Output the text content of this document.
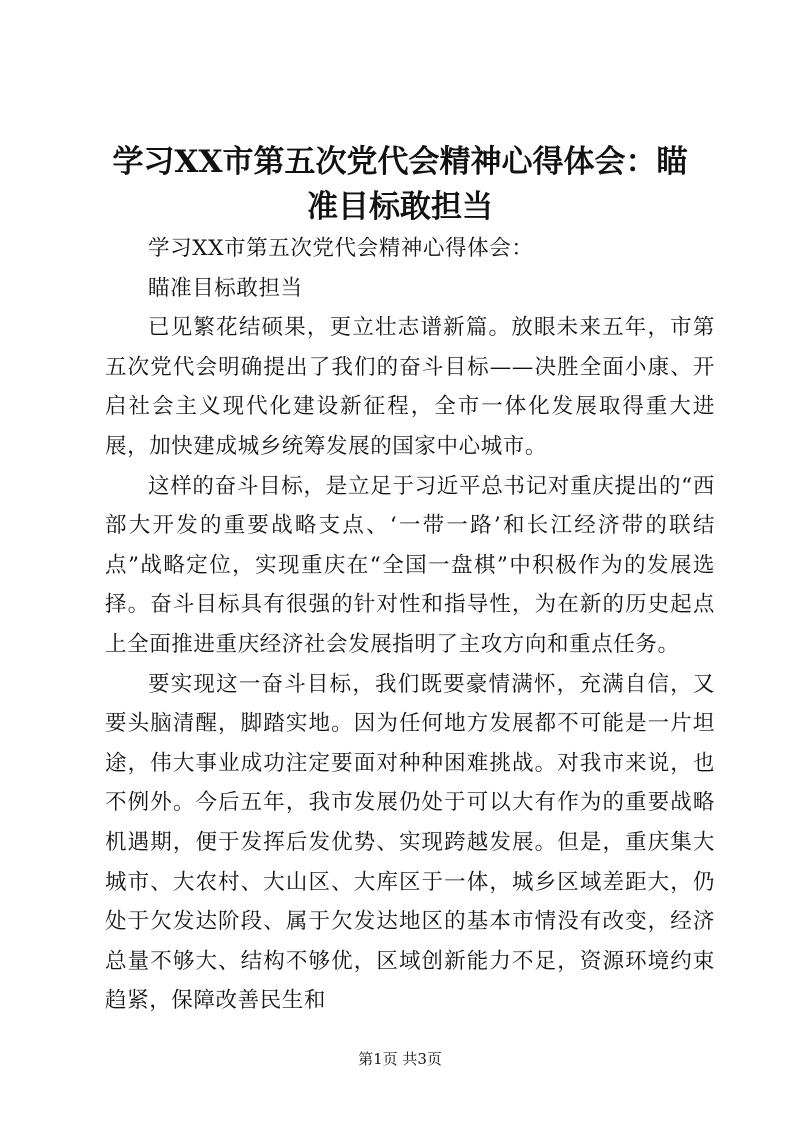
学习XX市第五次党代会精神心得体会：瞄准目标敢担当

学习XX市第五次党代会精神心得体会：

瞄准目标敢担当

已见繁花结硕果，更立壮志谱新篇。放眼未来五年，市第五次党代会明确提出了我们的奋斗目标——决胜全面小康、开启社会主义现代化建设新征程，全市一体化发展取得重大进展，加快建成城乡统筹发展的国家中心城市。

这样的奋斗目标，是立足于习近平总书记对重庆提出的“西部大开发的重要战略支点、‘一带一路’和长江经济带的联结点”战略定位，实现重庆在“全国一盘棋”中积极作为的发展选择。奋斗目标具有很强的针对性和指导性，为在新的历史起点上全面推进重庆经济社会发展指明了主攻方向和重点任务。

要实现这一奋斗目标，我们既要豪情满怀，充满自信，又要头脑清醒，脚踏实地。因为任何地方发展都不可能是一片坦途，伟大事业成功注定要面对种种困难挑战。对我市来说，也不例外。今后五年，我市发展仍处于可以大有作为的重要战略机遇期，便于发挥后发优势、实现跨越发展。但是，重庆集大城市、大农村、大山区、大库区于一体，城乡区域差距大，仍处于欠发达阶段、属于欠发达地区的基本市情没有改变，经济总量不够大、结构不够优，区域创新能力不足，资源环境约束趋紧，保障改善民生和

第1页 共3页
